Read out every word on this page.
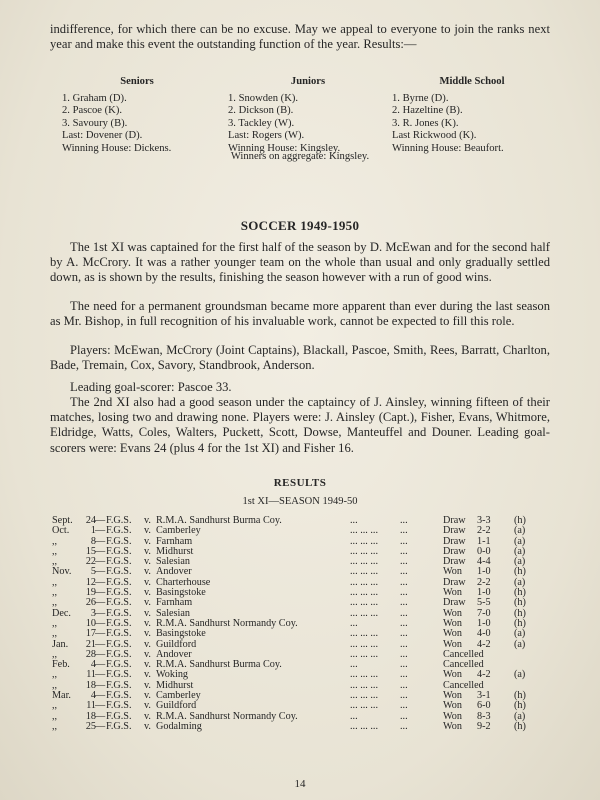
indifference, for which there can be no excuse. May we appeal to everyone to join the ranks next year and make this event the outstanding function of the year. Results:—

Seniors
1. Graham (D).
2. Pascoe (K).
3. Savoury (B).
Last: Dovener (D).
Winning House: Dickens.
Juniors
1. Snowden (K).
2. Dickson (B).
3. Tackley (W).
Last: Rogers (W).
Winning House: Kingsley.
Middle School
1. Byrne (D).
2. Hazeltine (B).
3. R. Jones (K).
Last Rickwood (K).
Winning House: Beaufort.
Winners on aggregate: Kingsley.
SOCCER 1949-1950

The 1st XI was captained for the first half of the season by D. McEwan and for the second half by A. McCrory. It was a rather younger team on the whole than usual and only gradually settled down, as is shown by the results, finishing the season however with a run of good wins.

The need for a permanent groundsman became more apparent than ever during the last season as Mr. Bishop, in full recognition of his invaluable work, cannot be expected to fill this role.

Players: McEwan, McCrory (Joint Captains), Blackall, Pascoe, Smith, Rees, Barratt, Charlton, Bade, Tremain, Cox, Savory, Standbrook, Anderson.

Leading goal-scorer: Pascoe 33.

The 2nd XI also had a good season under the captaincy of J. Ainsley, winning fifteen of their matches, losing two and drawing none. Players were: J. Ainsley (Capt.), Fisher, Evans, Whitmore, Eldridge, Watts, Coles, Walters, Puckett, Scott, Dowse, Manteuffel and Douner. Leading goal-scorers were: Evans 24 (plus 4 for the 1st XI) and Fisher 16.

RESULTS
1st XI—SEASON 1949-50
Sept.	24 F.G.S. v. R.M.A. Sandhurst Burma Coy.	...	...	Draw 3-3 (h)
—
Oct.	1 F.G.S. v. Camberley	... ... ... ...	Draw 2-2 (a)
—
,,	8 F.G.S. v. Farnham	... ... ... ...	Draw 1-1 (a)
—
,,	15 F.G.S. v. Midhurst	... ... ... ...	Draw 0-0 (a)
—
,,	22 F.G.S. v. Salesian	... ... ... ...	Draw 4-4 (a)
—
Nov.	5 F.G.S. v. Andover	... ... ... ...	Won 1-0 (h)
—
,,	12 F.G.S. v. Charterhouse	... ... ... ...	Draw 2-2 (a)
—
,,	19 F.G.S. v. Basingstoke	... ... ... ...	Won 1-0 (h)
—
,,	26 F.G.S. v. Farnham	... ... ... ...	Draw 5-5 (h)
—
Dec.	3 F.G.S. v. Salesian	... ... ... ...	Won 7-0 (h)
—
,,	10 F.G.S. v. R.M.A. Sandhurst Normandy Coy.	...	...	Won 1-0 (h)
—
,,	17 F.G.S. v. Basingstoke	... ... ... ...	Won 4-0 (a)
—
Jan.	21 F.G.S. v. Guildford	... ... ... ...	Won 4-2 (a)
—
,,	28 F.G.S. v. Andover	... ... ... ...	Cancelled
—
Feb.	4 F.G.S. v. R.M.A. Sandhurst Burma Coy.	...	...	Cancelled
—
,,	11 F.G.S. v. Woking	... ... ... ...	Won 4-2 (a)
—
,,	18 F.G.S. v. Midhurst	... ... ... ...	Cancelled
—
Mar.	4 F.G.S. v. Camberley	... ... ... ...	Won 3-1 (h)
—
,,	11 F.G.S. v. Guildford	... ... ... ...	Won 6-0 (h)
—
,,	18 F.G.S. v. R.M.A. Sandhurst Normandy Coy.	...	...	Won 8-3 (a)
—
,,	25 F.G.S. v. Godalming	... ... ... ...	Won 9-2 (h)
—
14
